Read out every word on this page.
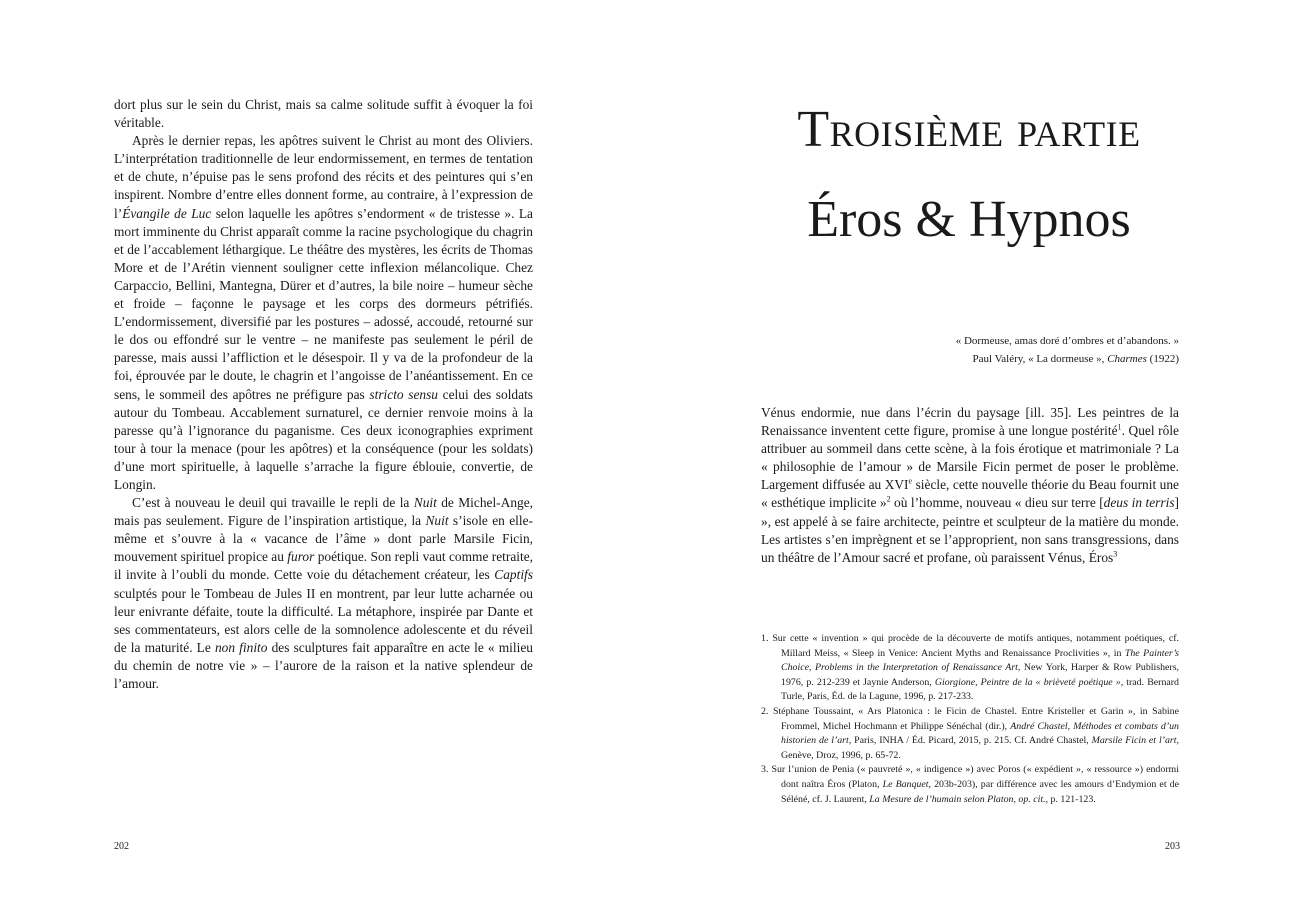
dort plus sur le sein du Christ, mais sa calme solitude suffit à évoquer la foi véritable.

Après le dernier repas, les apôtres suivent le Christ au mont des Oliviers. L’interprétation traditionnelle de leur endormissement, en termes de tentation et de chute, n’épuise pas le sens profond des récits et des peintures qui s’en inspirent. Nombre d’entre elles donnent forme, au contraire, à l’expression de l’Évangile de Luc selon laquelle les apôtres s’endorment « de tristesse ». La mort imminente du Christ apparaît comme la racine psychologique du chagrin et de l’accablement léthargique. Le théâtre des mystères, les écrits de Thomas More et de l’Arétin viennent souligner cette inflexion mélancolique. Chez Carpaccio, Bellini, Mantegna, Dürer et d’autres, la bile noire – humeur sèche et froide – façonne le paysage et les corps des dormeurs pétrifiés. L’endormissement, diversifié par les postures – adossé, accoudé, retourné sur le dos ou effondré sur le ventre – ne manifeste pas seulement le péril de paresse, mais aussi l’affliction et le désespoir. Il y va de la profondeur de la foi, éprouvée par le doute, le chagrin et l’angoisse de l’anéantissement. En ce sens, le sommeil des apôtres ne préfigure pas stricto sensu celui des soldats autour du Tombeau. Accablement surnaturel, ce dernier renvoie moins à la paresse qu’à l’ignorance du paganisme. Ces deux iconographies expriment tour à tour la menace (pour les apôtres) et la conséquence (pour les soldats) d’une mort spirituelle, à laquelle s’arrache la figure éblouie, convertie, de Longin.

C’est à nouveau le deuil qui travaille le repli de la Nuit de Michel-Ange, mais pas seulement. Figure de l’inspiration artistique, la Nuit s’isole en elle-même et s’ouvre à la « vacance de l’âme » dont parle Marsile Ficin, mouvement spirituel propice au furor poétique. Son repli vaut comme retraite, il invite à l’oubli du monde. Cette voie du détachement créateur, les Captifs sculptés pour le Tombeau de Jules II en montrent, par leur lutte acharnée ou leur enivrante défaite, toute la difficulté. La métaphore, inspirée par Dante et ses commentateurs, est alors celle de la somnolence adolescente et du réveil de la maturité. Le non finito des sculptures fait apparaître en acte le « milieu du chemin de notre vie » – l’aurore de la raison et la native splendeur de l’amour.

202
Troisième partie
Éros & Hypnos
« Dormeuse, amas doré d’ombres et d’abandons. »
Paul Valéry, « La dormeuse », Charmes (1922)

Vénus endormie, nue dans l’écrin du paysage [ill. 35]. Les peintres de la Renaissance inventent cette figure, promise à une longue postérité$^1$. Quel rôle attribuer au sommeil dans cette scène, à la fois érotique et matrimoniale ? La « philosophie de l’amour » de Marsile Ficin permet de poser le problème. Largement diffusée au XVIe siècle, cette nouvelle théorie du Beau fournit une « esthétique implicite »$^2$ où l’homme, nouveau « dieu sur terre [deus in terris] », est appelé à se faire architecte, peintre et sculpteur de la matière du monde. Les artistes s’en imprègnent et se l’approprient, non sans transgressions, dans un théâtre de l’Amour sacré et profane, où paraissent Vénus, Éros$^3$

1. Sur cette « invention » qui procède de la découverte de motifs antiques, notamment poétiques, cf. Millard Meiss, « Sleep in Venice: Ancient Myths and Renaissance Proclivities », in The Painter’s Choice, Problems in the Interpretation of Renaissance Art, New York, Harper & Row Publishers, 1976, p. 212-239 et Jaynie Anderson, Giorgione, Peintre de la « brièveté poétique », trad. Bernard Turle, Paris, Éd. de la Lagune, 1996, p. 217-233.

2. Stéphane Toussaint, « Ars Platonica : le Ficin de Chastel. Entre Kristeller et Garin », in Sabine Frommel, Michel Hochmann et Philippe Sénéchal (dir.), André Chastel, Méthodes et combats d’un historien de l’art, Paris, INHA / Éd. Picard, 2015, p. 215. Cf. André Chastel, Marsile Ficin et l’art, Genève, Droz, 1996, p. 65-72.

3. Sur l’union de Penia (« pauvreté », « indigence ») avec Poros (« expédient », « ressource ») endormi dont naîtra Éros (Platon, Le Banquet, 203b-203), par différence avec les amours d’Endymion et de Séléné, cf. J. Laurent, La Mesure de l’humain selon Platon, op. cit., p. 121-123.

203
